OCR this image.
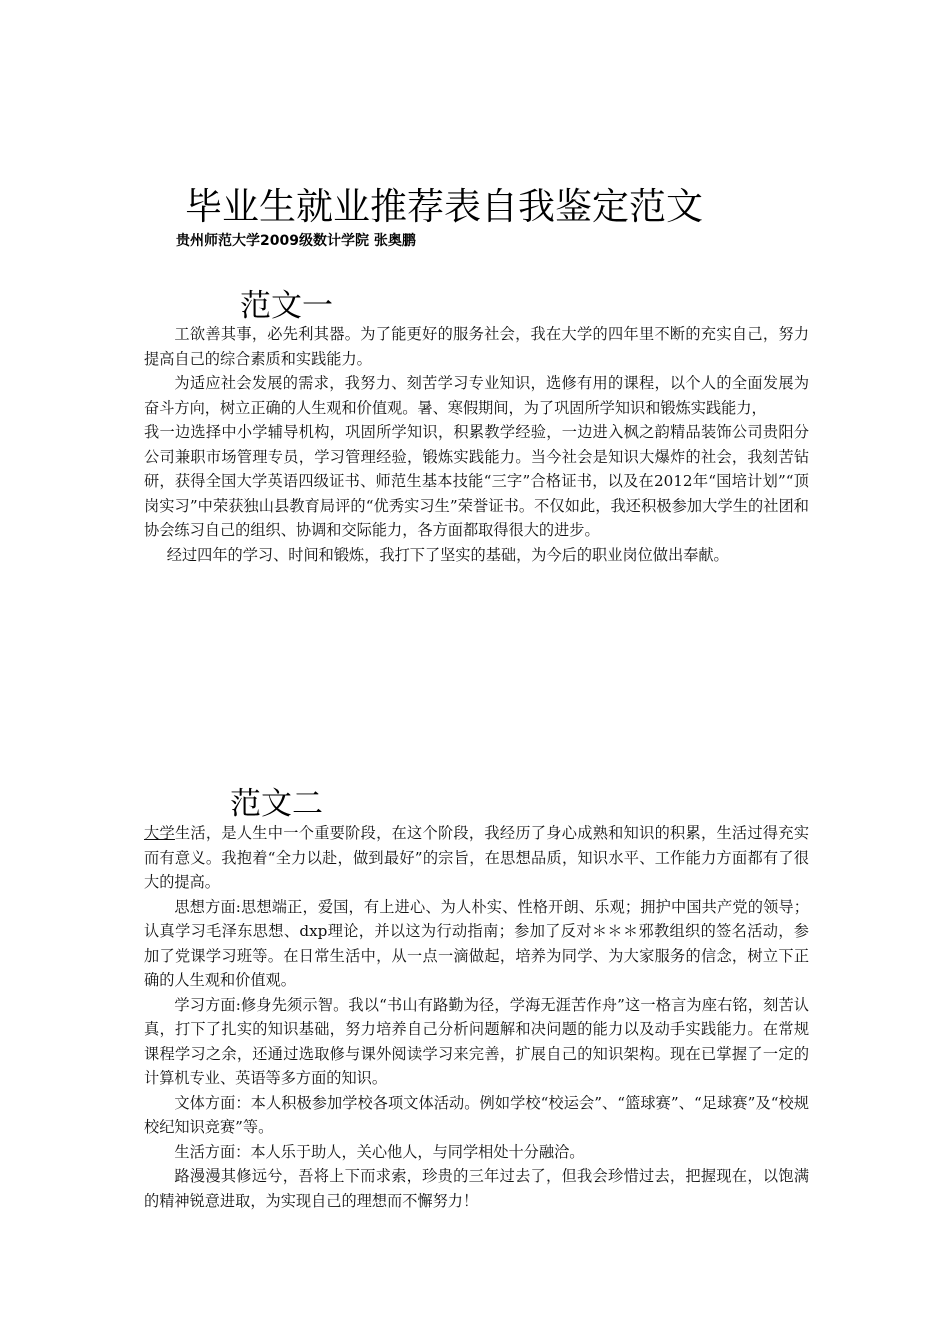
毕业生就业推荐表自我鉴定范文
贵州师范大学2009级数计学院 张奥鹏
范文一

工欲善其事，必先利其器。为了能更好的服务社会，我在大学的四年里不断的充实自己，努力提高自己的综合素质和实践能力。

为适应社会发展的需求，我努力、刻苦学习专业知识，选修有用的课程，以个人的全面发展为奋斗方向，树立正确的人生观和价值观。暑、寒假期间，为了巩固所学知识和锻炼实践能力，

我一边选择中小学辅导机构，巩固所学知识，积累教学经验，一边进入枫之韵精品装饰公司贵阳分公司兼职市场管理专员，学习管理经验，锻炼实践能力。当今社会是知识大爆炸的社会，我刻苦钻研，获得全国大学英语四级证书、师范生基本技能“三字”合格证书，以及在2012年“国培计划”“顶岗实习”中荣获独山县教育局评的“优秀实习生”荣誉证书。不仅如此，我还积极参加大学生的社团和协会练习自己的组织、协调和交际能力，各方面都取得很大的进步。

经过四年的学习、时间和锻炼，我打下了坚实的基础，为今后的职业岗位做出奉献。

范文二

大学生活，是人生中一个重要阶段，在这个阶段，我经历了身心成熟和知识的积累，生活过得充实而有意义。我抱着“全力以赴，做到最好”的宗旨，在思想品质，知识水平、工作能力方面都有了很大的提高。

思想方面:思想端正，爱国，有上进心、为人朴实、性格开朗、乐观；拥护中国共产党的领导；认真学习毛泽东思想、dxp理论，并以这为行动指南；参加了反对＊＊＊邪教组织的签名活动，参加了党课学习班等。在日常生活中，从一点一滴做起，培养为同学、为大家服务的信念，树立下正确的人生观和价值观。

学习方面:修身先须示智。我以“书山有路勤为径，学海无涯苦作舟”这一格言为座右铭，刻苦认真，打下了扎实的知识基础，努力培养自己分析问题解和决问题的能力以及动手实践能力。在常规课程学习之余，还通过选取修与课外阅读学习来完善，扩展自己的知识架构。现在已掌握了一定的计算机专业、英语等多方面的知识。

文体方面：本人积极参加学校各项文体活动。例如学校“校运会”、“篮球赛”、“足球赛”及“校规校纪知识竞赛”等。

生活方面：本人乐于助人，关心他人，与同学相处十分融洽。

路漫漫其修远兮，吾将上下而求索，珍贵的三年过去了，但我会珍惜过去，把握现在，以饱满的精神锐意进取，为实现自己的理想而不懈努力！
